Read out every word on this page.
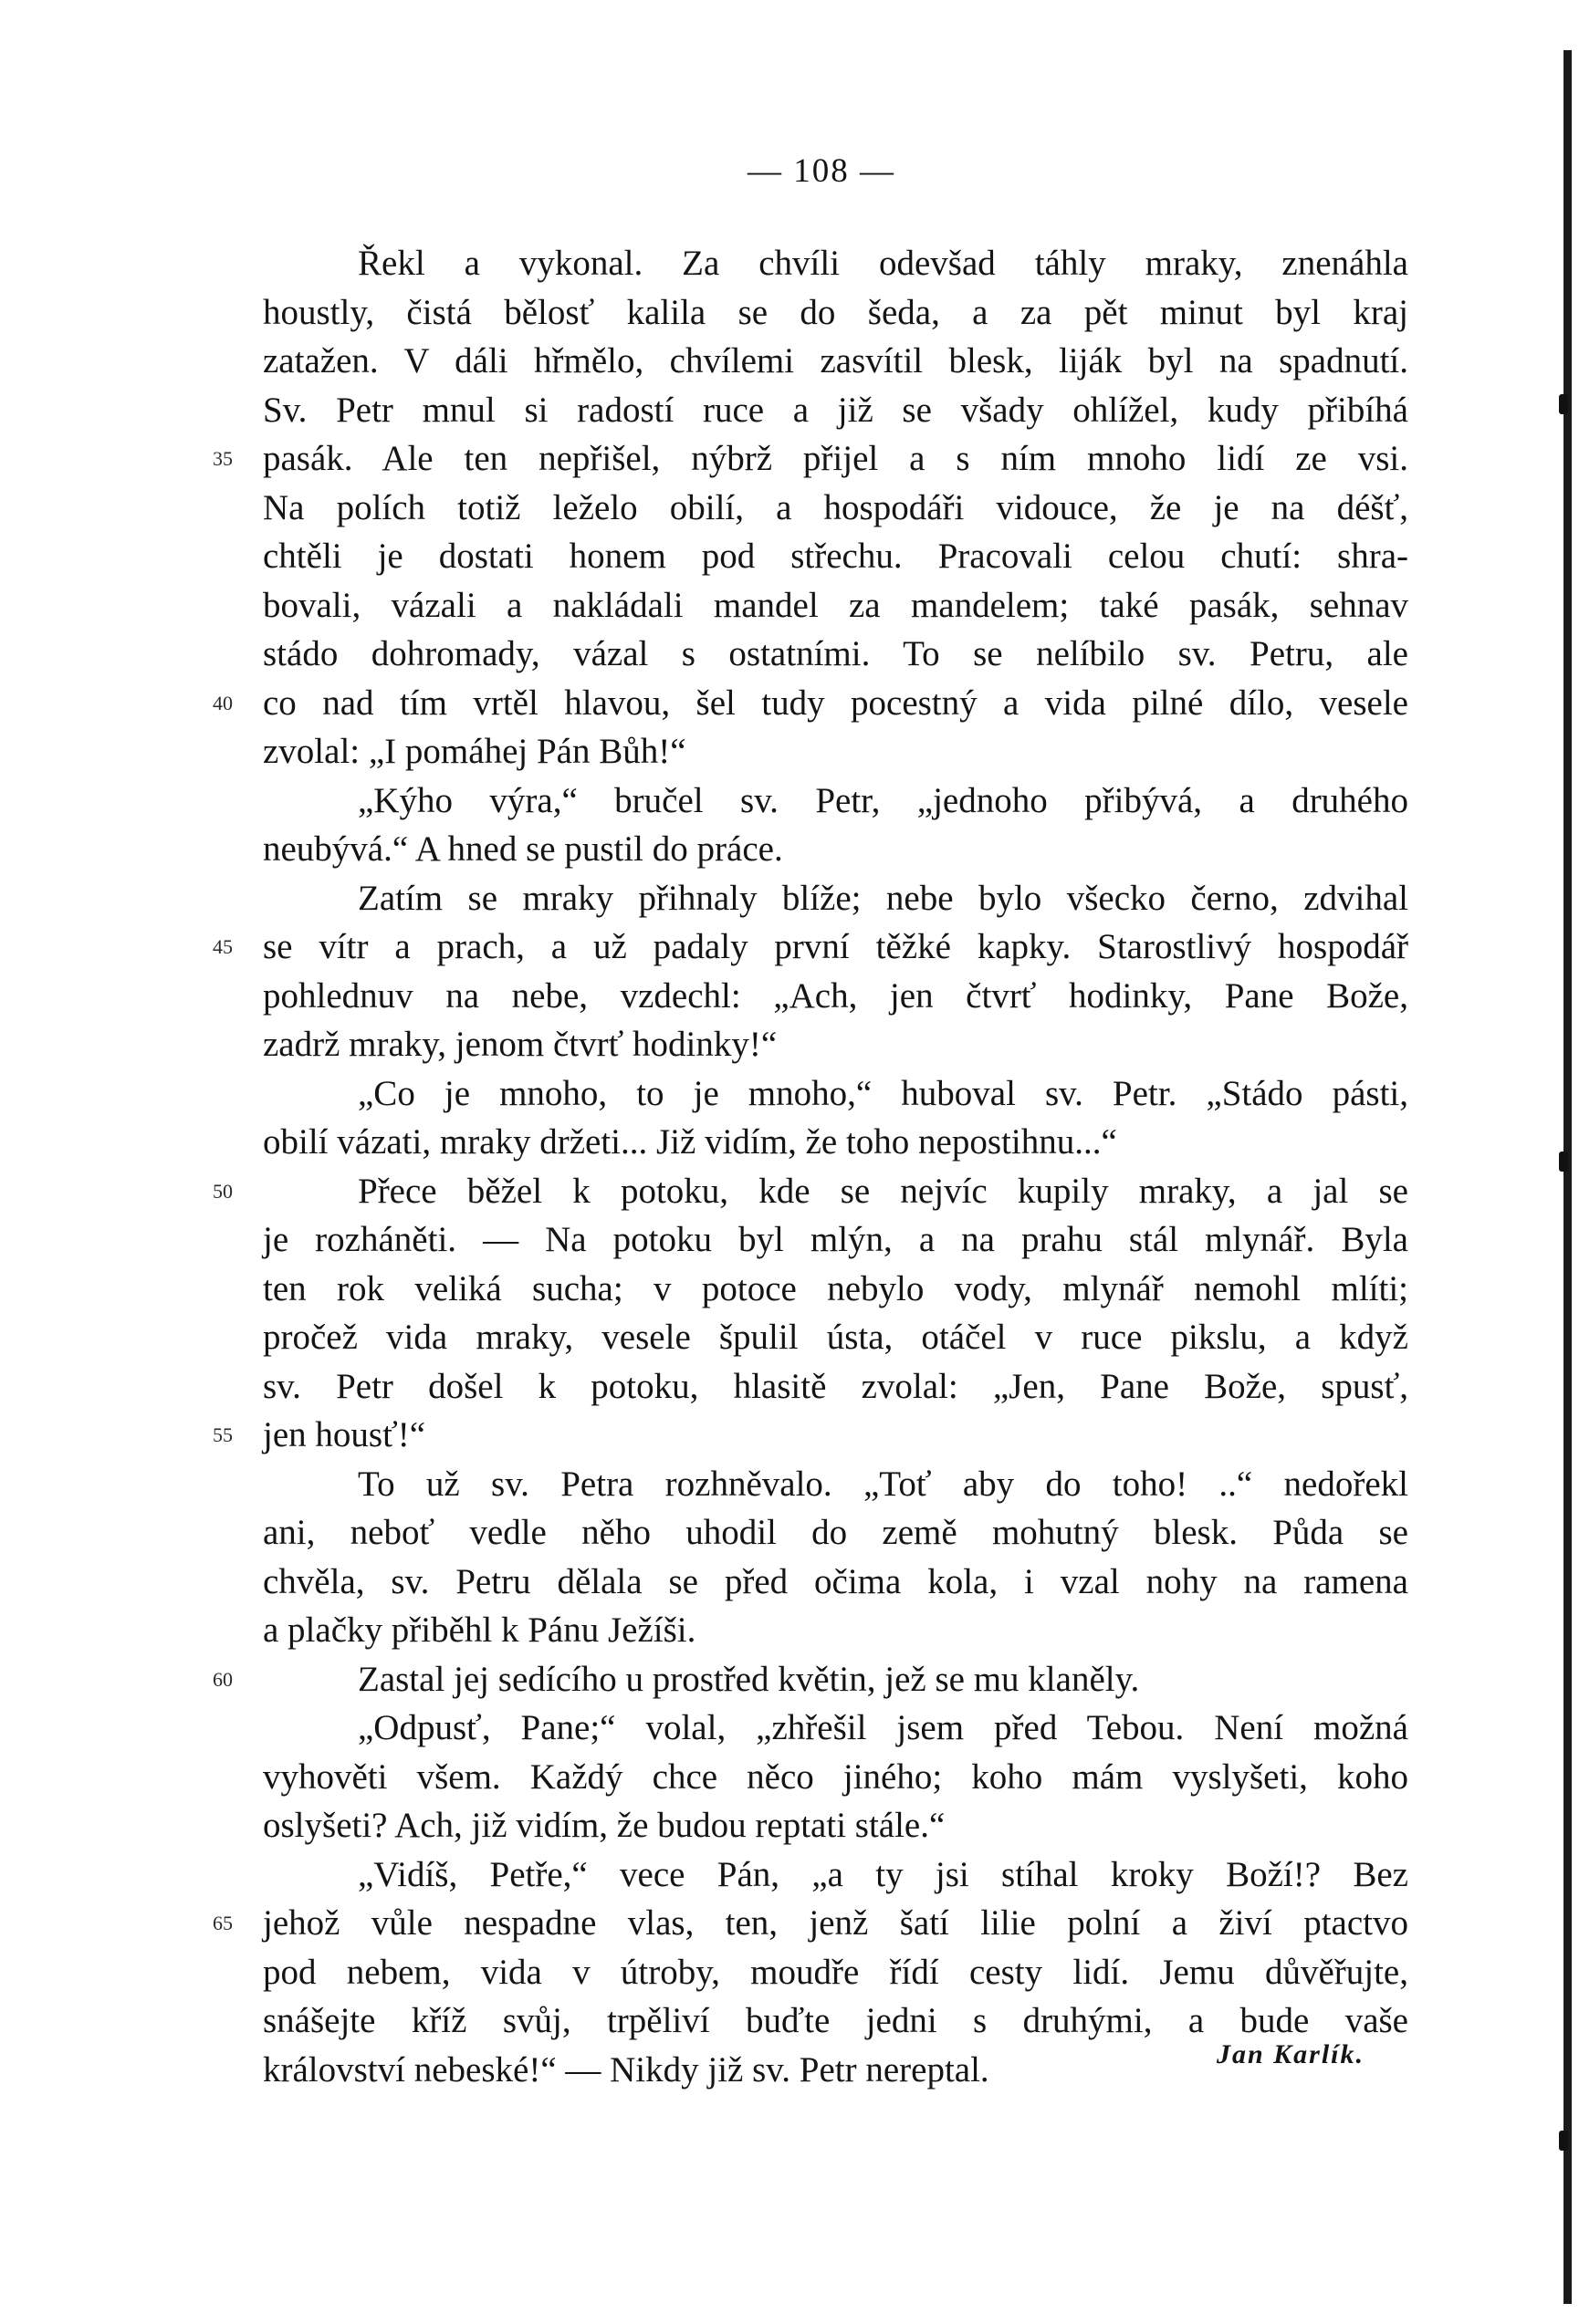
— 108 —
Řekl a vykonal. Za chvíli odevšad táhly mraky, znenáhla
houstly, čistá bělosť kalila se do šeda, a za pět minut byl kraj
zatažen. V dáli hřmělo, chvílemi zasvítil blesk, liják byl na spadnutí.
Sv. Petr mnul si radostí ruce a již se všady ohlížel, kudy přibíhá
35 pasák. Ale ten nepřišel, nýbrž přijel a s ním mnoho lidí ze vsi.
Na polích totiž leželo obilí, a hospodáři vidouce, že je na déšť,
chtěli je dostati honem pod střechu. Pracovali celou chutí: shra-
bovali, vázali a nakládali mandel za mandelem; také pasák, sehnav
stádo dohromady, vázal s ostatními. To se nelíbilo sv. Petru, ale
40 co nad tím vrtěl hlavou, šel tudy pocestný a vida pilné dílo, vesele
zvolal: „I pomáhej Pán Bůh!“
„Kýho výra,“ bručel sv. Petr, „jednoho přibývá, a druhého
neubývá.“ A hned se pustil do práce.
Zatím se mraky přihnaly blíže; nebe bylo všecko černo, zdvihal
45 se vítr a prach, a už padaly první těžké kapky. Starostlivý hospodář
pohlednuv na nebe, vzdechl: „Ach, jen čtvrť hodinky, Pane Bože,
zadrž mraky, jenom čtvrť hodinky!“
„Co je mnoho, to je mnoho,“ huboval sv. Petr. „Stádo pásti,
obilí vázati, mraky držeti... Již vidím, že toho nepostihnu...“
50	Přece běžel k potoku, kde se nejvíc kupily mraky, a jal se
je rozháněti. — Na potoku byl mlýn, a na prahu stál mlynář. Byla
ten rok veliká sucha; v potoce nebylo vody, mlynář nemohl mlíti;
pročež vida mraky, vesele špulil ústa, otáčel v ruce pikslu, a když
sv. Petr došel k potoku, hlasitě zvolal: „Jen, Pane Bože, spusť,
55 jen housť!“
To už sv. Petra rozhněvalo. „Toť aby do toho! ..“ nedořekl
ani, neboť vedle něho uhodil do země mohutný blesk. Půda se
chvěla, sv. Petru dělala se před očima kola, i vzal nohy na ramena
a plačky přiběhl k Pánu Ježíši.
60	Zastal jej sedícího u prostřed květin, jež se mu klaněly.
„Odpusť, Pane;“ volal, „zhřešil jsem před Tebou. Není možná
vyhověti všem. Každý chce něco jiného; koho mám vyslyšeti, koho
oslyšeti? Ach, již vidím, že budou reptati stále.“
„Vidíš, Petře,“ vece Pán, „a ty jsi stíhal kroky Boží!? Bez
65 jehož vůle nespadne vlas, ten, jenž šatí lilie polní a živí ptactvo
pod nebem, vida v útroby, moudře řídí cesty lidí. Jemu důvěřujte,
snášejte kříž svůj, trpěliví buďte jedni s druhými, a bude vaše
království nebeské!“ — Nikdy již sv. Petr nereptal.	Jan Karlík.
